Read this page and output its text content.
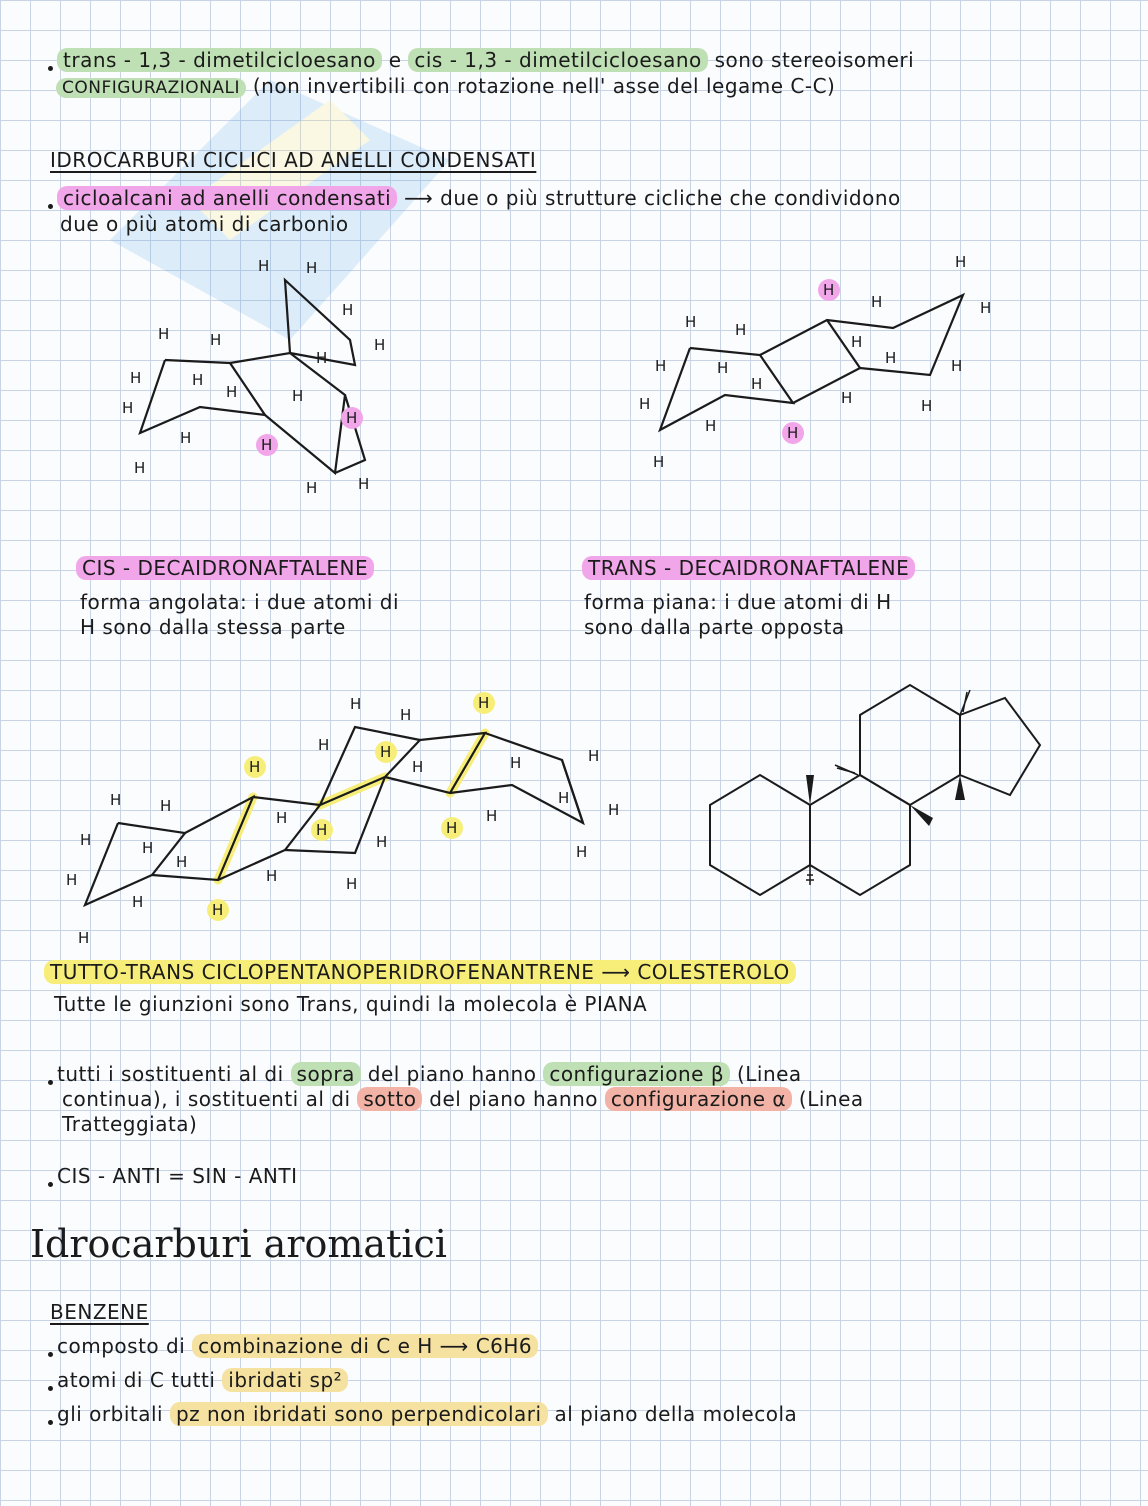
trans - 1,3 - dimetilcicloesano e cis - 1,3 - dimetilcicloesano sono stereoisomeri
CONFIGURAZIONALI (non invertibili con rotazione nell' asse del legame C-C)
IDROCARBURI CICLICI AD ANELLI CONDENSATI
cicloalcani ad anelli condensati ⟶ due o più strutture cicliche che condividono
due o più atomi di carbonio
H H
H	H
H
H
H	H
H
H
H
H
H
H
H	H
H
H
H
H
H
H	H
H
H	H
H	H
H
H	H
H
H
H
H
H
CIS - DECAIDRONAFTALENE
forma angolata: i due atomi di
H sono dalla stessa parte
TRANS - DECAIDRONAFTALENE
forma piana: i due atomi di H
sono dalla parte opposta
H
H
H
H	H	H
H
H
H
H
H	H
H
H
H	H
H
H	H
H
H
H
H
H
H
H	H
H
TUTTO-TRANS CICLOPENTANOPERIDROFENANTRENE ⟶ COLESTEROLO
Tutte le giunzioni sono Trans, quindi la molecola è PIANA
tutti i sostituenti al di sopra del piano hanno configurazione β (Linea
continua), i sostituenti al di sotto del piano hanno configurazione α (Linea
Tratteggiata)
CIS - ANTI = SIN - ANTI
Idrocarburi aromatici
BENZENE
composto di combinazione di C e H ⟶ C6H6
atomi di C tutti ibridati sp²
gli orbitali pz non ibridati sono perpendicolari al piano della molecola
